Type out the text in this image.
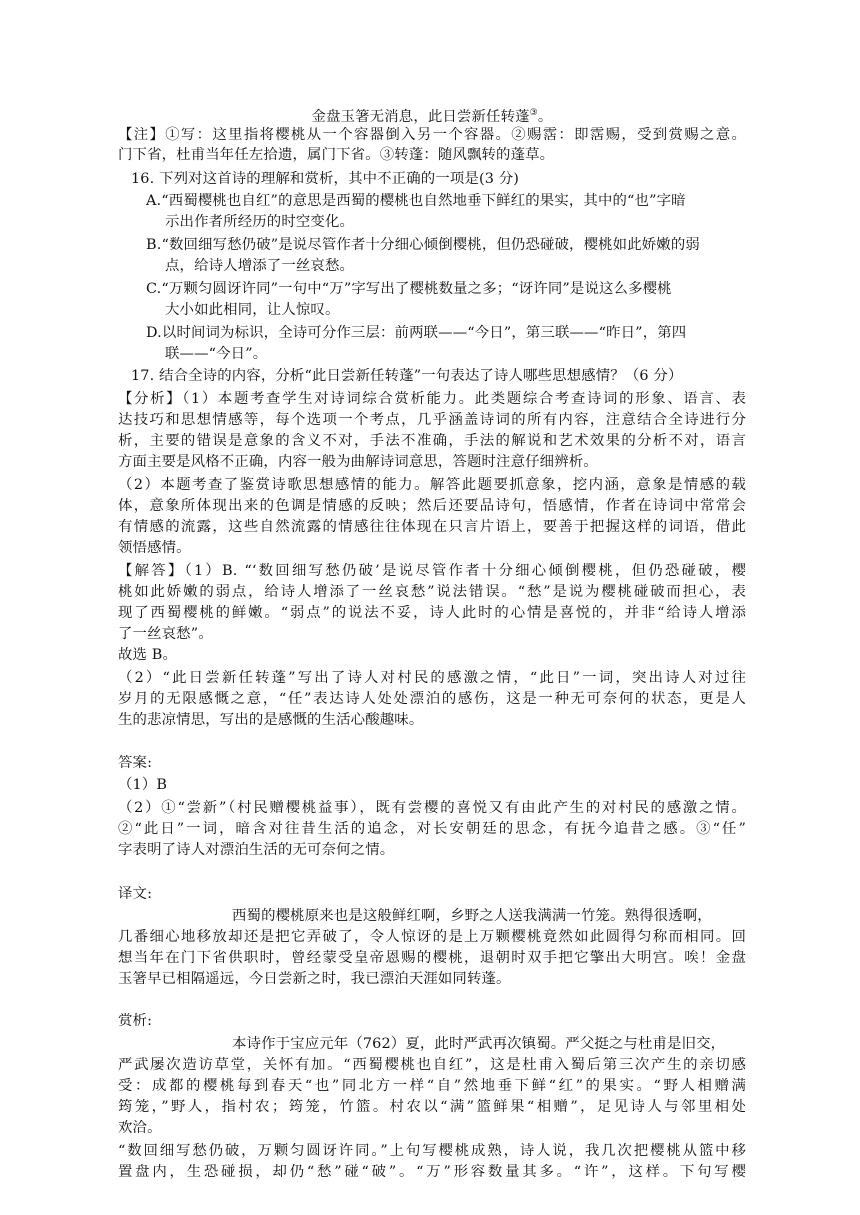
金盘玉箸无消息，此日尝新任转蓬③。
【注】①写：这里指将樱桃从一个容器倒入另一个容器。②赐霑：即霑赐，受到赏赐之意。
门下省，杜甫当年任左拾遗，属门下省。③转蓬：随风飘转的蓬草。
16. 下列对这首诗的理解和赏析，其中不正确的一项是(3 分)
A.“西蜀樱桃也自红”的意思是西蜀的樱桃也自然地垂下鲜红的果实，其中的“也”字暗
示出作者所经历的时空变化。
B.“数回细写愁仍破”是说尽管作者十分细心倾倒樱桃，但仍恐碰破，樱桃如此娇嫩的弱
点，给诗人增添了一丝哀愁。
C.“万颗匀圆讶许同”一句中“万”字写出了樱桃数量之多；“讶许同”是说这么多樱桃
大小如此相同，让人惊叹。
D.以时间词为标识，全诗可分作三层：前两联——“今日”，第三联——“昨日”，第四
联——“今日”。
17. 结合全诗的内容，分析“此日尝新任转蓬”一句表达了诗人哪些思想感情？（6 分）
【分析】（1）本题考查学生对诗词综合赏析能力。此类题综合考查诗词的形象、语言、表
达技巧和思想情感等，每个选项一个考点，几乎涵盖诗词的所有内容，注意结合全诗进行分
析，主要的错误是意象的含义不对，手法不准确，手法的解说和艺术效果的分析不对，语言
方面主要是风格不正确，内容一般为曲解诗词意思，答题时注意仔细辨析。
（2）本题考查了鉴赏诗歌思想感情的能力。解答此题要抓意象，挖内涵，意象是情感的载
体，意象所体现出来的色调是情感的反映；然后还要品诗句，悟感情，作者在诗词中常常会
有情感的流露，这些自然流露的情感往往体现在只言片语上，要善于把握这样的词语，借此
领悟感情。
【解答】（1）B. “‘数回细写愁仍破’是说尽管作者十分细心倾倒樱桃，但仍恐碰破，樱
桃如此娇嫩的弱点，给诗人增添了一丝哀愁”说法错误。“愁”是说为樱桃碰破而担心，表
现了西蜀樱桃的鲜嫩。“弱点”的说法不妥，诗人此时的心情是喜悦的，并非“给诗人增添
了一丝哀愁”。
故选 B。
（2）“此日尝新任转蓬”写出了诗人对村民的感激之情，“此日”一词，突出诗人对过往
岁月的无限感慨之意，“任”表达诗人处处漂泊的感伤，这是一种无可奈何的状态，更是人
生的悲凉情思，写出的是感慨的生活心酸趣味。
答案:
（1）B
（2）①“尝新”（村民赠樱桃益事），既有尝樱的喜悦又有由此产生的对村民的感激之情。
②“此日”一词，暗含对往昔生活的追念，对长安朝廷的思念，有抚今追昔之感。③“任”
字表明了诗人对漂泊生活的无可奈何之情。
译文:
西蜀的樱桃原来也是这般鲜红啊，乡野之人送我满满一竹笼。熟得很透啊，
几番细心地移放却还是把它弄破了，令人惊讶的是上万颗樱桃竟然如此圆得匀称而相同。回
想当年在门下省供职时，曾经蒙受皇帝恩赐的樱桃，退朝时双手把它擎出大明宫。唉！金盘
玉箸早已相隔遥远，今日尝新之时，我已漂泊天涯如同转蓬。
赏析:
本诗作于宝应元年（762）夏，此时严武再次镇蜀。严父挺之与杜甫是旧交，
严武屡次造访草堂，关怀有加。“西蜀樱桃也自红”，这是杜甫入蜀后第三次产生的亲切感
受：成都的樱桃每到春天“也”同北方一样“自”然地垂下鲜“红”的果实。“野人相赠满
筠笼，”野人，指村农；筠笼，竹篮。村农以“满”篮鲜果“相赠”，足见诗人与邻里相处
欢洽。
“数回细写愁仍破，万颗匀圆讶许同。”上句写樱桃成熟，诗人说，我几次把樱桃从篮中移
置盘内，生恐碰损，却仍“愁”碰“破”。“万”形容数量其多。“许”，这样。下句写樱
